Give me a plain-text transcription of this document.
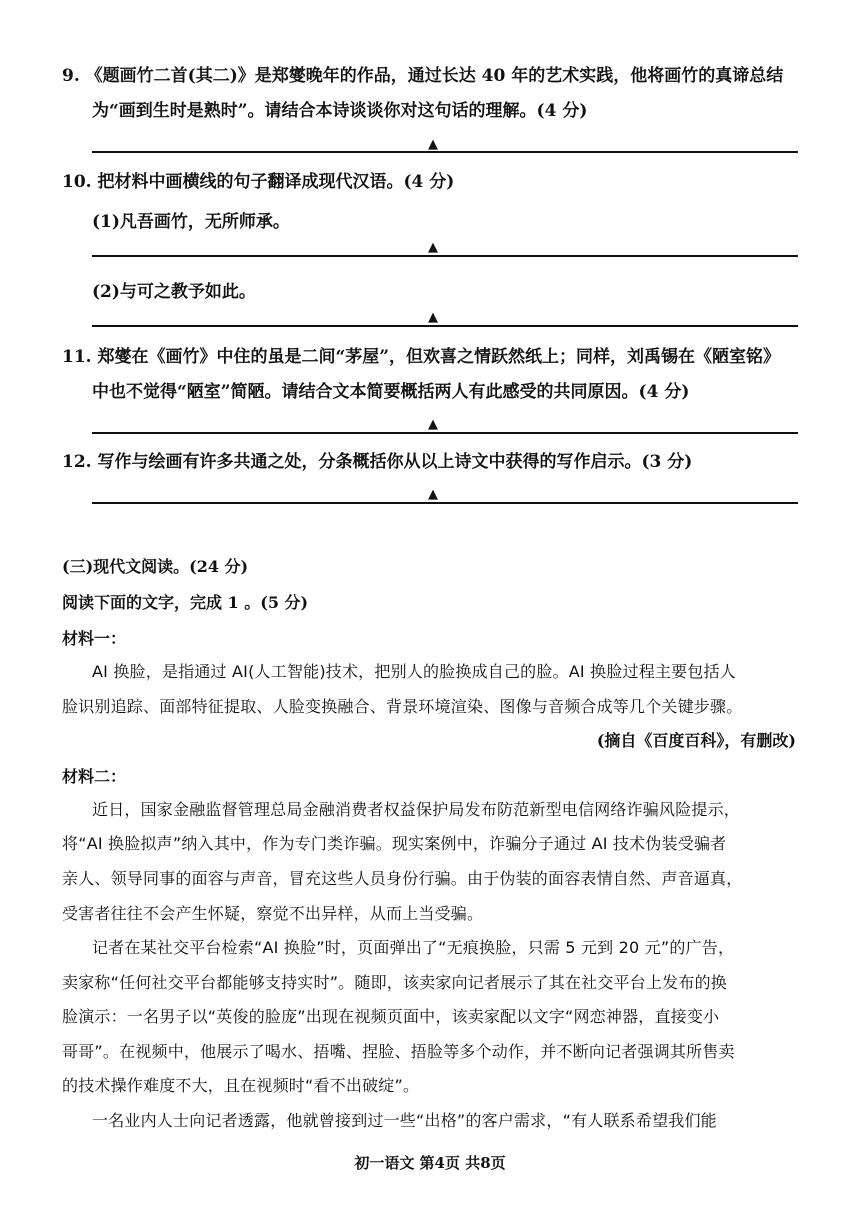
9. 《题画竹二首(其二)》是郑燮晚年的作品，通过长达 40 年的艺术实践，他将画竹的真谛总结
为“画到生时是熟时”。请结合本诗谈谈你对这句话的理解。(4 分)
▲
10. 把材料中画横线的句子翻译成现代汉语。(4 分)
(1)凡吾画竹，无所师承。
▲
(2)与可之教予如此。
▲
11. 郑燮在《画竹》中住的虽是二间“茅屋”，但欢喜之情跃然纸上；同样，刘禹锡在《陋室铭》
中也不觉得“陋室”简陋。请结合文本简要概括两人有此感受的共同原因。(4 分)
▲
12. 写作与绘画有许多共通之处，分条概括你从以上诗文中获得的写作启示。(3 分)
▲
(三)现代文阅读。(24 分)
阅读下面的文字，完成 1 。(5 分)
材料一：
AI 换脸，是指通过 AI(人工智能)技术，把别人的脸换成自己的脸。AI 换脸过程主要包括人
脸识别追踪、面部特征提取、人脸变换融合、背景环境渲染、图像与音频合成等几个关键步骤。
(摘自《百度百科》，有删改)
材料二：
近日，国家金融监督管理总局金融消费者权益保护局发布防范新型电信网络诈骗风险提示，
将“AI 换脸拟声”纳入其中，作为专门类诈骗。现实案例中，诈骗分子通过 AI 技术伪装受骗者
亲人、领导同事的面容与声音，冒充这些人员身份行骗。由于伪装的面容表情自然、声音逼真，
受害者往往不会产生怀疑，察觉不出异样，从而上当受骗。
记者在某社交平台检索“AI 换脸”时，页面弹出了“无痕换脸，只需 5 元到 20 元”的广告，
卖家称“任何社交平台都能够支持实时”。随即，该卖家向记者展示了其在社交平台上发布的换
脸演示：一名男子以“英俊的脸庞”出现在视频页面中，该卖家配以文字“网恋神器，直接变小
哥哥”。在视频中，他展示了喝水、捂嘴、捏脸、捂脸等多个动作，并不断向记者强调其所售卖
的技术操作难度不大，且在视频时“看不出破绽”。
一名业内人士向记者透露，他就曾接到过一些“出格”的客户需求，“有人联系希望我们能
初一语文 第4页 共8页
